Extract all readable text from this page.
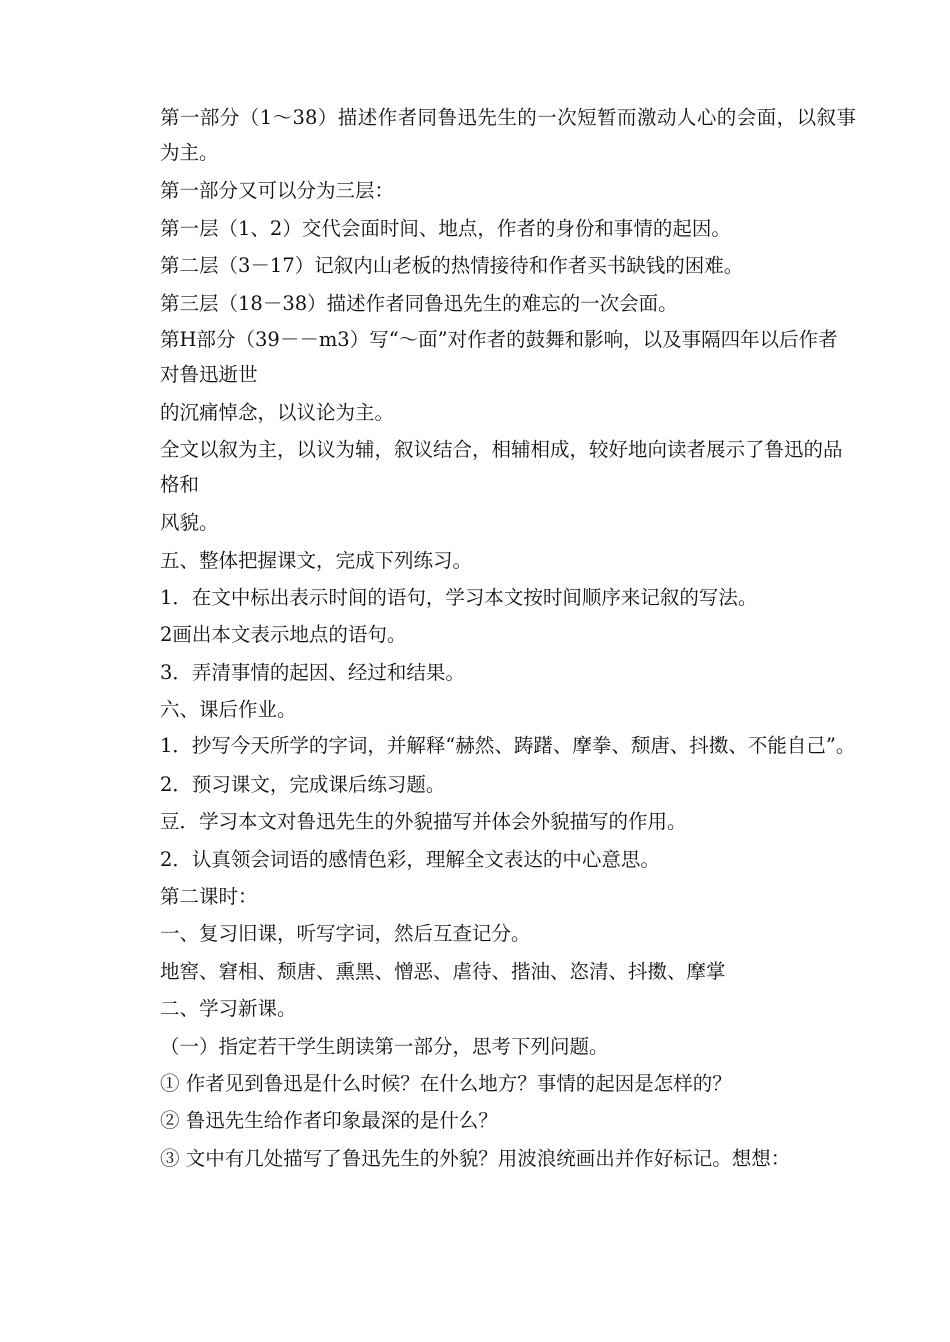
第一部分（1～38）描述作者同鲁迅先生的一次短暂而激动人心的会面，以叙事为主。
第一部分又可以分为三层：
第一层（1、2）交代会面时间、地点，作者的身份和事情的起因。
第二层（3－17）记叙内山老板的热情接待和作者买书缺钱的困难。
第三层（18－38）描述作者同鲁迅先生的难忘的一次会面。
第H部分（39－－m3）写“～面”对作者的鼓舞和影响，以及事隔四年以后作者对鲁迅逝世
的沉痛悼念，以议论为主。
全文以叙为主，以议为辅，叙议结合，相辅相成，较好地向读者展示了鲁迅的品格和
风貌。
五、整体把握课文，完成下列练习。
1．在文中标出表示时间的语句，学习本文按时间顺序来记叙的写法。
2画出本文表示地点的语句。
3．弄清事情的起因、经过和结果。
六、课后作业。
1．抄写今天所学的字词，并解释“赫然、踌躇、摩拳、颓唐、抖擞、不能自己”。
2．预习课文，完成课后练习题。
豆．学习本文对鲁迅先生的外貌描写并体会外貌描写的作用。
2．认真领会词语的感情色彩，理解全文表达的中心意思。
第二课时：
一、复习旧课，听写字词，然后互查记分。
地窖、窘相、颓唐、熏黑、憎恶、虐待、揩油、恣清、抖擞、摩掌
二、学习新课。
（一）指定若干学生朗读第一部分，思考下列问题。
① 作者见到鲁迅是什么时候？在什么地方？事情的起因是怎样的？
② 鲁迅先生给作者印象最深的是什么？
③ 文中有几处描写了鲁迅先生的外貌？用波浪统画出并作好标记。想想：
